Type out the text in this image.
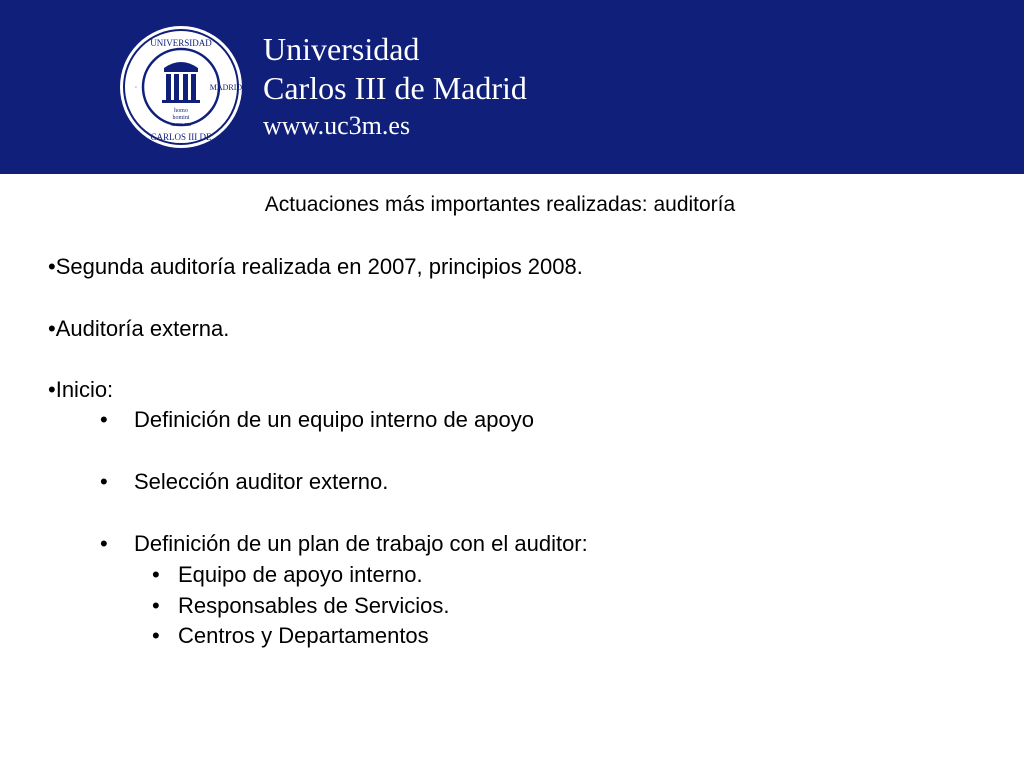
UNIVERSIDAD
CARLOS III DE
·	MADRID
homo
homini
sacra res
Universidad
Carlos III de Madrid
www.uc3m.es
Actuaciones más importantes realizadas: auditoría
•Segunda auditoría realizada en 2007, principios 2008.
•Auditoría externa.
•Inicio:
• Definición de un equipo interno de apoyo
• Selección auditor externo.
• Definición de un plan de trabajo con el auditor:
• Equipo de apoyo interno.
• Responsables de Servicios.
• Centros y Departamentos
